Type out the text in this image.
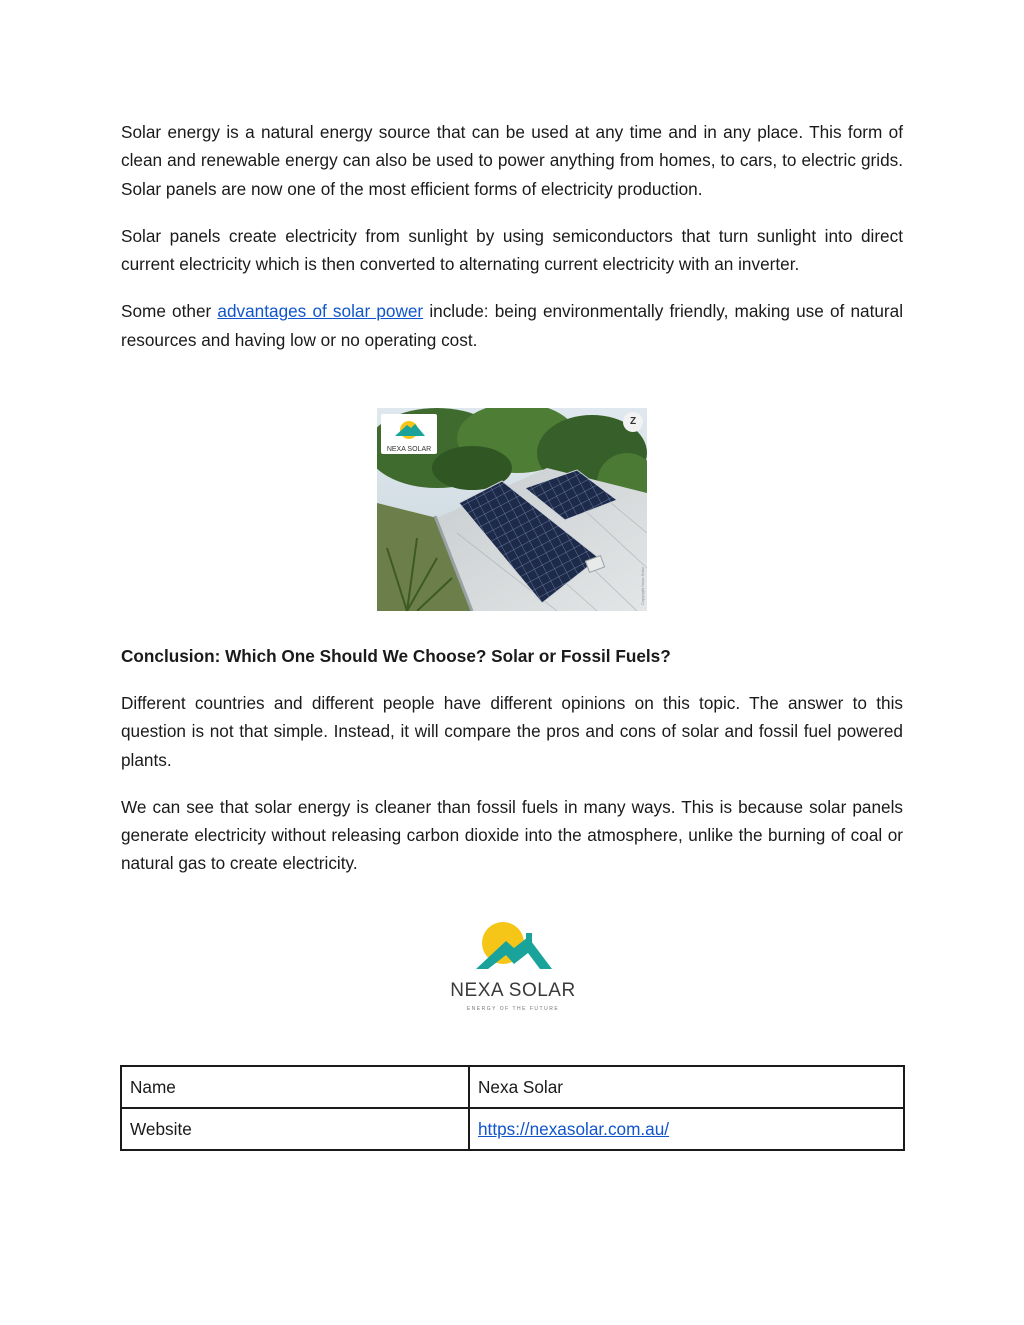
Solar energy is a natural energy source that can be used at any time and in any place. This form of clean and renewable energy can also be used to power anything from homes, to cars, to electric grids. Solar panels are now one of the most efficient forms of electricity production.

Solar panels create electricity from sunlight by using semiconductors that turn sunlight into direct current electricity which is then converted to alternating current electricity with an inverter.

Some other advantages of solar power include: being environmentally friendly, making use of natural resources and having low or no operating cost.

NEXA SOLAR
Z
Copyright Nexa Solar
Conclusion: Which One Should We Choose? Solar or Fossil Fuels?

Different countries and different people have different opinions on this topic. The answer to this question is not that simple. Instead, it will compare the pros and cons of solar and fossil fuel powered plants.

We can see that solar energy is cleaner than fossil fuels in many ways. This is because solar panels generate electricity without releasing carbon dioxide into the atmosphere, unlike the burning of coal or natural gas to create electricity.

NEXA SOLAR
ENERGY OF THE FUTURE
Name	Nexa Solar
Website	https://nexasolar.com.au/
